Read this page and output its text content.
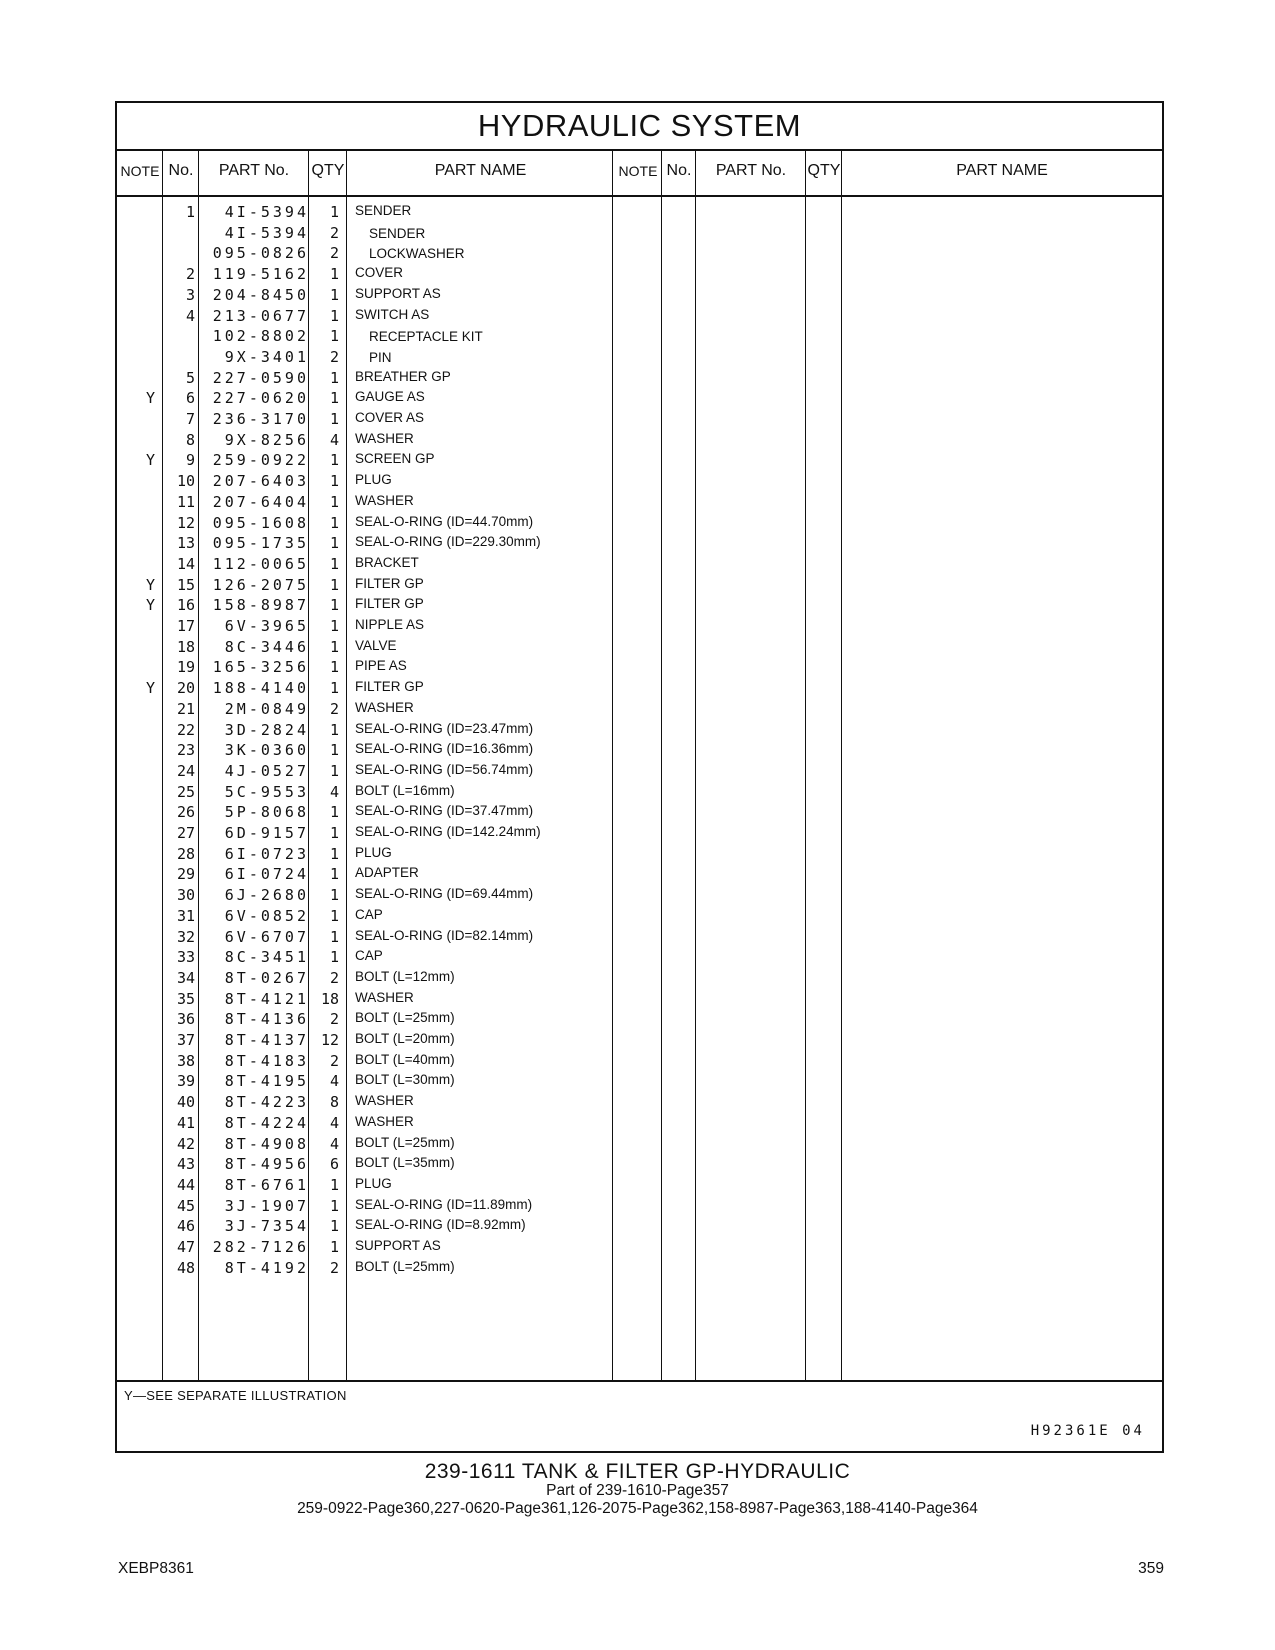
HYDRAULIC SYSTEM
NOTE No.	PART No.	QTY	PART NAME	NOTE No.	PART No.	QTY	PART NAME
1	4I-5394	1 SENDER
4I-5394	2 SENDER
095-0826	2 LOCKWASHER
2	119-5162	1 COVER
3	204-8450	1 SUPPORT AS
4	213-0677	1 SWITCH AS
102-8802	1 RECEPTACLE KIT
9X-3401	2 PIN
5	227-0590	1 BREATHER GP
Y	6	227-0620	1 GAUGE AS
7	236-3170	1 COVER AS
8	9X-8256	4 WASHER
Y	9	259-0922	1 SCREEN GP
10	207-6403	1 PLUG
11	207-6404	1 WASHER
12	095-1608	1 SEAL-O-RING (ID=44.70mm)
13	095-1735	1 SEAL-O-RING (ID=229.30mm)
14	112-0065	1 BRACKET
Y	15	126-2075	1 FILTER GP
Y	16	158-8987	1 FILTER GP
17	6V-3965	1 NIPPLE AS
18	8C-3446	1 VALVE
19	165-3256	1 PIPE AS
Y	20	188-4140	1 FILTER GP
21	2M-0849	2 WASHER
22	3D-2824	1 SEAL-O-RING (ID=23.47mm)
23	3K-0360	1 SEAL-O-RING (ID=16.36mm)
24	4J-0527	1 SEAL-O-RING (ID=56.74mm)
25	5C-9553	4 BOLT (L=16mm)
26	5P-8068	1 SEAL-O-RING (ID=37.47mm)
27	6D-9157	1 SEAL-O-RING (ID=142.24mm)
28	6I-0723	1 PLUG
29	6I-0724	1 ADAPTER
30	6J-2680	1 SEAL-O-RING (ID=69.44mm)
31	6V-0852	1 CAP
32	6V-6707	1 SEAL-O-RING (ID=82.14mm)
33	8C-3451	1 CAP
34	8T-0267	2 BOLT (L=12mm)
35	8T-4121 18 WASHER
36	8T-4136	2 BOLT (L=25mm)
37	8T-4137 12 BOLT (L=20mm)
38	8T-4183	2 BOLT (L=40mm)
39	8T-4195	4 BOLT (L=30mm)
40	8T-4223	8 WASHER
41	8T-4224	4 WASHER
42	8T-4908	4 BOLT (L=25mm)
43	8T-4956	6 BOLT (L=35mm)
44	8T-6761	1 PLUG
45	3J-1907	1 SEAL-O-RING (ID=11.89mm)
46	3J-7354	1 SEAL-O-RING (ID=8.92mm)
47	282-7126	1 SUPPORT AS
48	8T-4192	2 BOLT (L=25mm)
Y—SEE SEPARATE ILLUSTRATION
H92361E 04
239-1611 TANK & FILTER GP-HYDRAULIC
Part of 239-1610-Page357
259-0922-Page360,227-0620-Page361,126-2075-Page362,158-8987-Page363,188-4140-Page364
XEBP8361	359
